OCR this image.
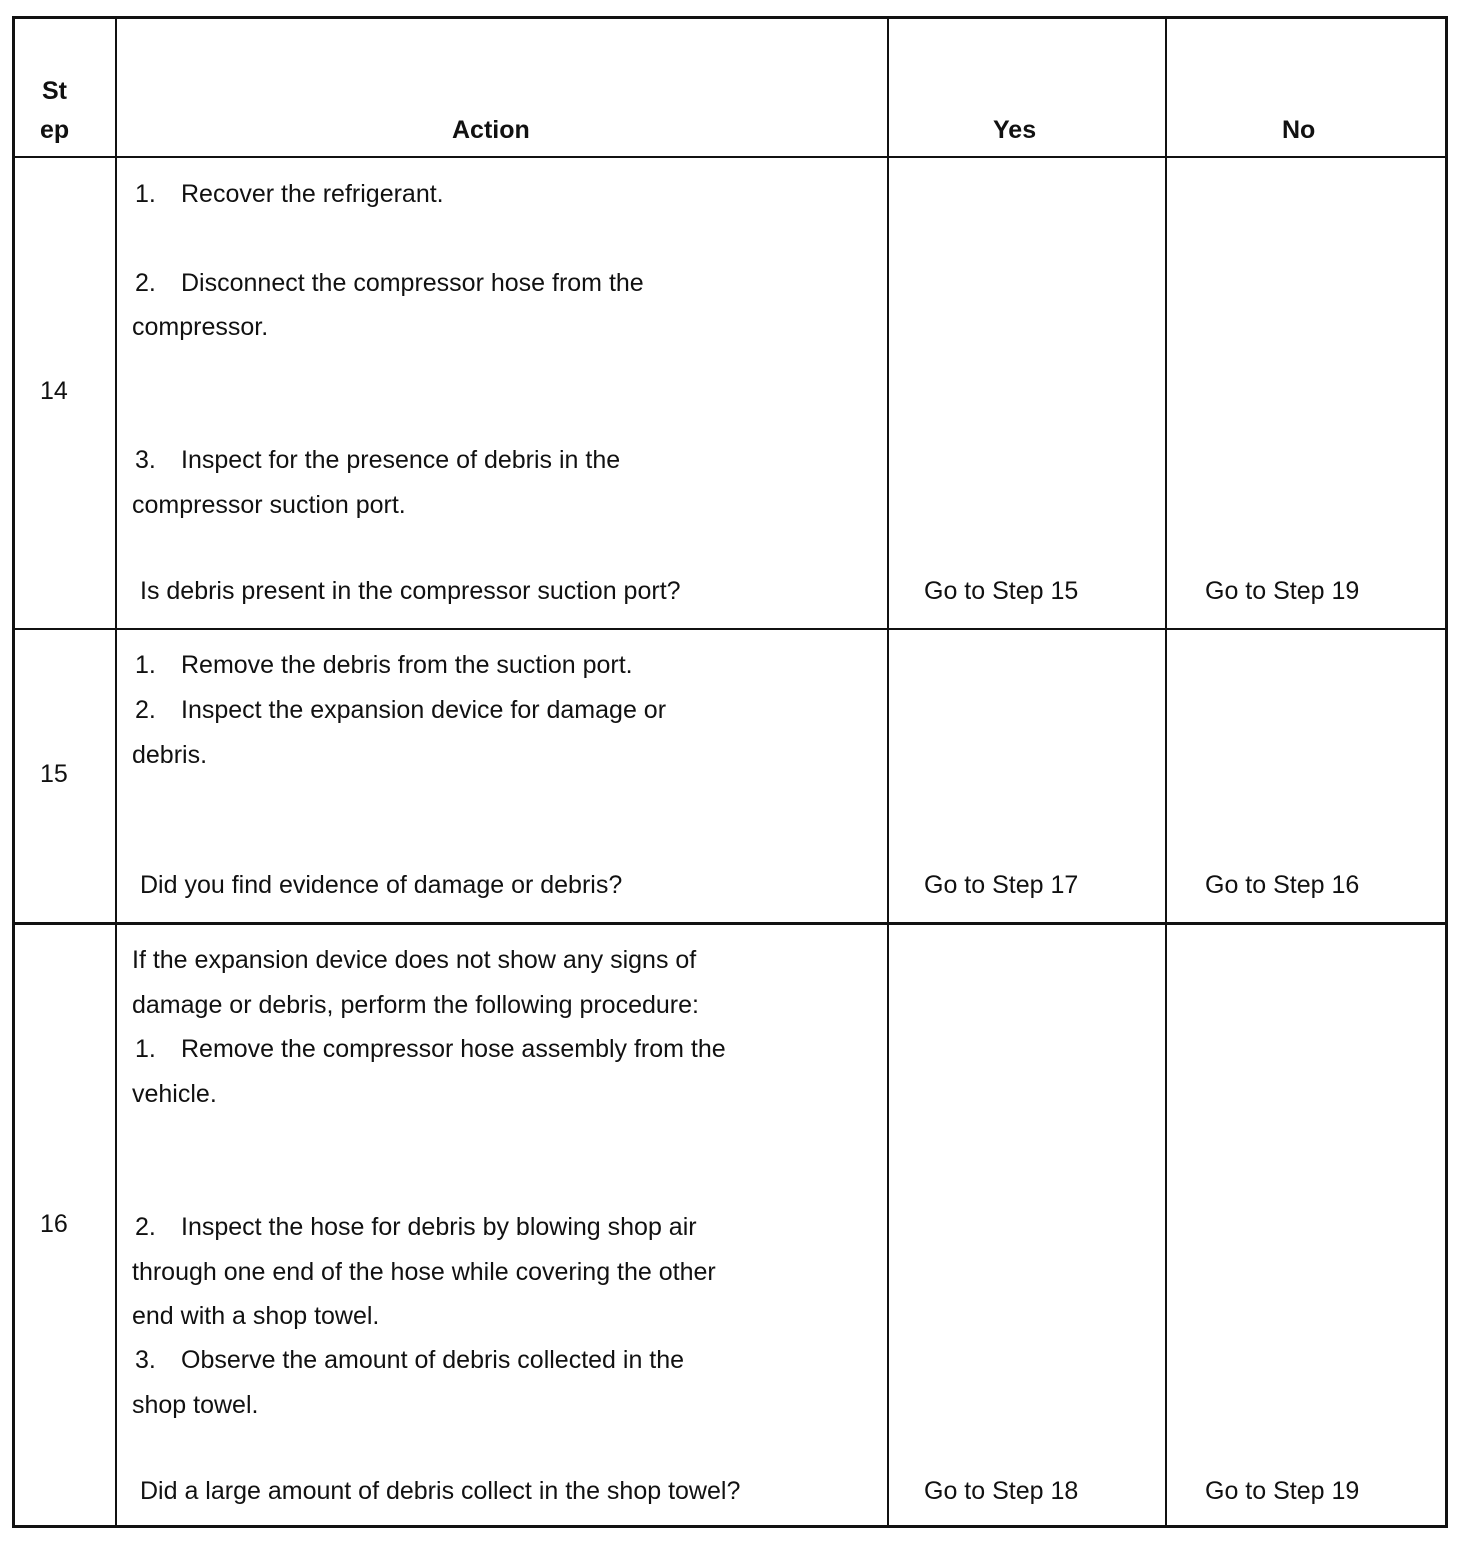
St
ep	Action	Yes	No
14
1. Recover the refrigerant.
2. Disconnect the compressor hose from the
compressor.
3. Inspect for the presence of debris in the
compressor suction port.
Is debris present in the compressor suction port?	Go to Step 15	Go to Step 19
15
1. Remove the debris from the suction port.
2. Inspect the expansion device for damage or
debris.
Did you find evidence of damage or debris?	Go to Step 17	Go to Step 16
16
If the expansion device does not show any signs of
damage or debris, perform the following procedure:
1. Remove the compressor hose assembly from the
vehicle.
2. Inspect the hose for debris by blowing shop air
through one end of the hose while covering the other
end with a shop towel.
3. Observe the amount of debris collected in the
shop towel.
Did a large amount of debris collect in the shop towel?	Go to Step 18	Go to Step 19
